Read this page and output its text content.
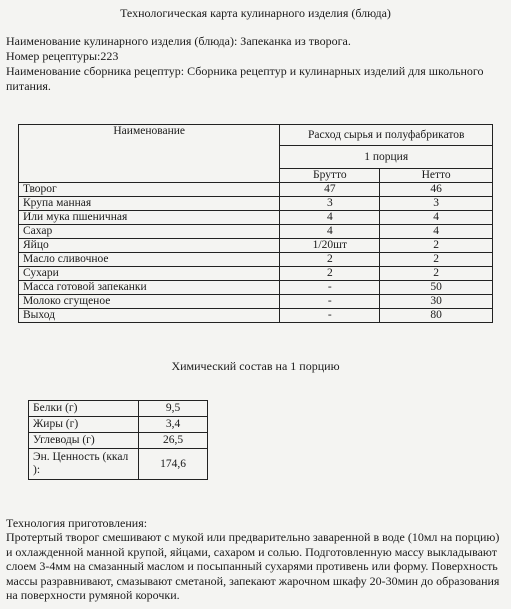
Технологическая карта кулинарного изделия (блюда)
Наименование кулинарного изделия (блюда): Запеканка из творога.
Номер рецептуры:223
Наименование сборника рецептур: Сборника рецептур и кулинарных изделий для школьного питания.
Наименование	Расход сырья и полуфабрикатов	
	1 порция	
	Брутто	Нетто
Творог	47	46
Крупа манная	3	3
Или мука пшеничная	4	4
Сахар	4	4
Яйцо	1/20шт	2
Масло сливочное	2	2
Сухари	2	2
Масса готовой запеканки	-	50
Молоко сгущеное	-	30
Выход	-	80
Химический состав на 1 порцию
Белки (г)	9,5
Жиры (г)	3,4
Углеводы (г)	26,5
Эн. Ценность (ккал ):	174,6
Технология приготовления:
Протертый творог смешивают с мукой или предварительно заваренной в воде (10мл на порцию) и охлажденной манной крупой, яйцами, сахаром и солью. Подготовленную массу выкладывают слоем 3-4мм на смазанный маслом и посыпанный сухарями противень или форму. Поверхность массы разравнивают, смазывают сметаной, запекают жарочном шкафу 20-30мин до образования на поверхности румяной корочки.
